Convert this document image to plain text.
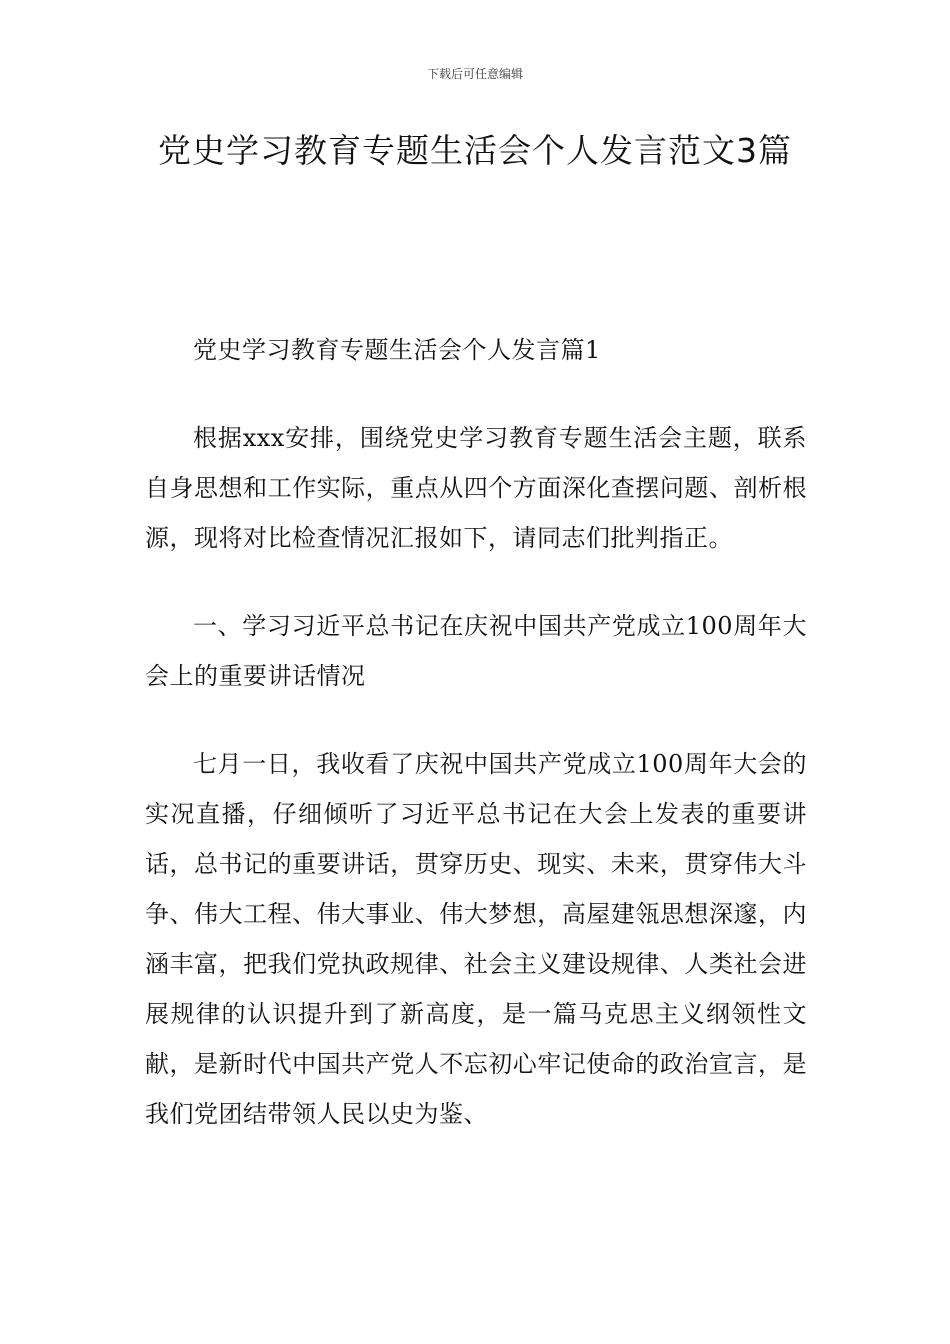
下载后可任意编辑
党史学习教育专题生活会个人发言范文3篇

党史学习教育专题生活会个人发言篇1

根据xxx安排，围绕党史学习教育专题生活会主题，联系自身思想和工作实际，重点从四个方面深化查摆问题、剖析根源，现将对比检查情况汇报如下，请同志们批判指正。

一、学习习近平总书记在庆祝中国共产党成立100周年大会上的重要讲话情况

七月一日，我收看了庆祝中国共产党成立100周年大会的实况直播，仔细倾听了习近平总书记在大会上发表的重要讲话，总书记的重要讲话，贯穿历史、现实、未来，贯穿伟大斗争、伟大工程、伟大事业、伟大梦想，高屋建瓴思想深邃，内涵丰富，把我们党执政规律、社会主义建设规律、人类社会进展规律的认识提升到了新高度，是一篇马克思主义纲领性文献，是新时代中国共产党人不忘初心牢记使命的政治宣言，是我们党团结带领人民以史为鉴、
